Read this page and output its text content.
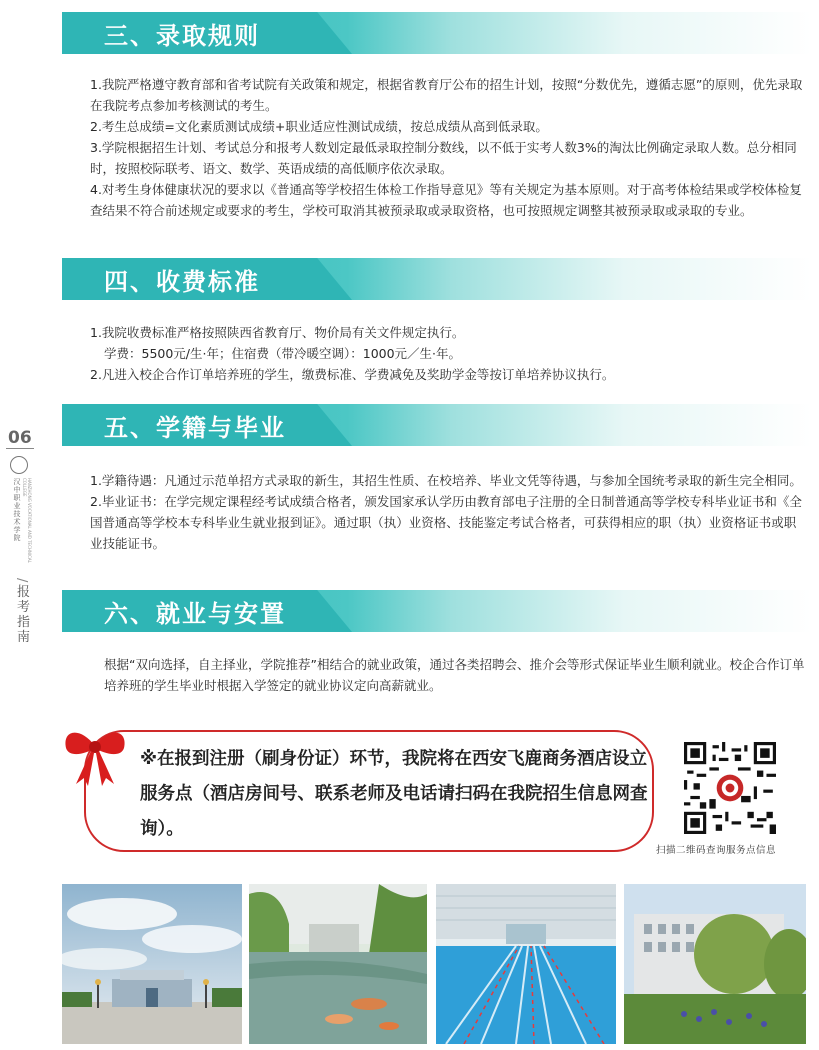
06
汉中职业技术学院	HANZHONG VOCATIONAL AND TECHNICAL COLLEGE
/报考指南
三、录取规则

1.我院严格遵守教育部和省考试院有关政策和规定，根据省教育厅公布的招生计划，按照“分数优先，遵循志愿”的原则，优先录取在我院考点参加考核测试的考生。

2.考生总成绩=文化素质测试成绩+职业适应性测试成绩，按总成绩从高到低录取。

3.学院根据招生计划、考试总分和报考人数划定最低录取控制分数线，以不低于实考人数3%的淘汰比例确定录取人数。总分相同时，按照校际联考、语文、数学、英语成绩的高低顺序依次录取。

4.对考生身体健康状况的要求以《普通高等学校招生体检工作指导意见》等有关规定为基本原则。对于高考体检结果或学校体检复查结果不符合前述规定或要求的考生，学校可取消其被预录取或录取资格，也可按照规定调整其被预录取或录取的专业。

四、收费标准

1.我院收费标准严格按照陕西省教育厅、物价局有关文件规定执行。

学费：5500元/生·年；住宿费（带冷暖空调）：1000元／生·年。

2.凡进入校企合作订单培养班的学生，缴费标准、学费减免及奖助学金等按订单培养协议执行。

五、学籍与毕业

1.学籍待遇：凡通过示范单招方式录取的新生，其招生性质、在校培养、毕业文凭等待遇，与参加全国统考录取的新生完全相同。

2.毕业证书：在学完规定课程经考试成绩合格者，颁发国家承认学历由教育部电子注册的全日制普通高等学校专科毕业证书和《全国普通高等学校本专科毕业生就业报到证》。通过职（执）业资格、技能鉴定考试合格者，可获得相应的职（执）业资格证书或职业技能证书。

六、就业与安置

根据“双向选择，自主择业，学院推荐”相结合的就业政策，通过各类招聘会、推介会等形式保证毕业生顺利就业。校企合作订单培养班的学生毕业时根据入学签定的就业协议定向高薪就业。

※在报到注册（刷身份证）环节，我院将在西安飞鹿商务酒店设立服务点（酒店房间号、联系老师及电话请扫码在我院招生信息网查询）。
扫描二维码查询服务点信息
